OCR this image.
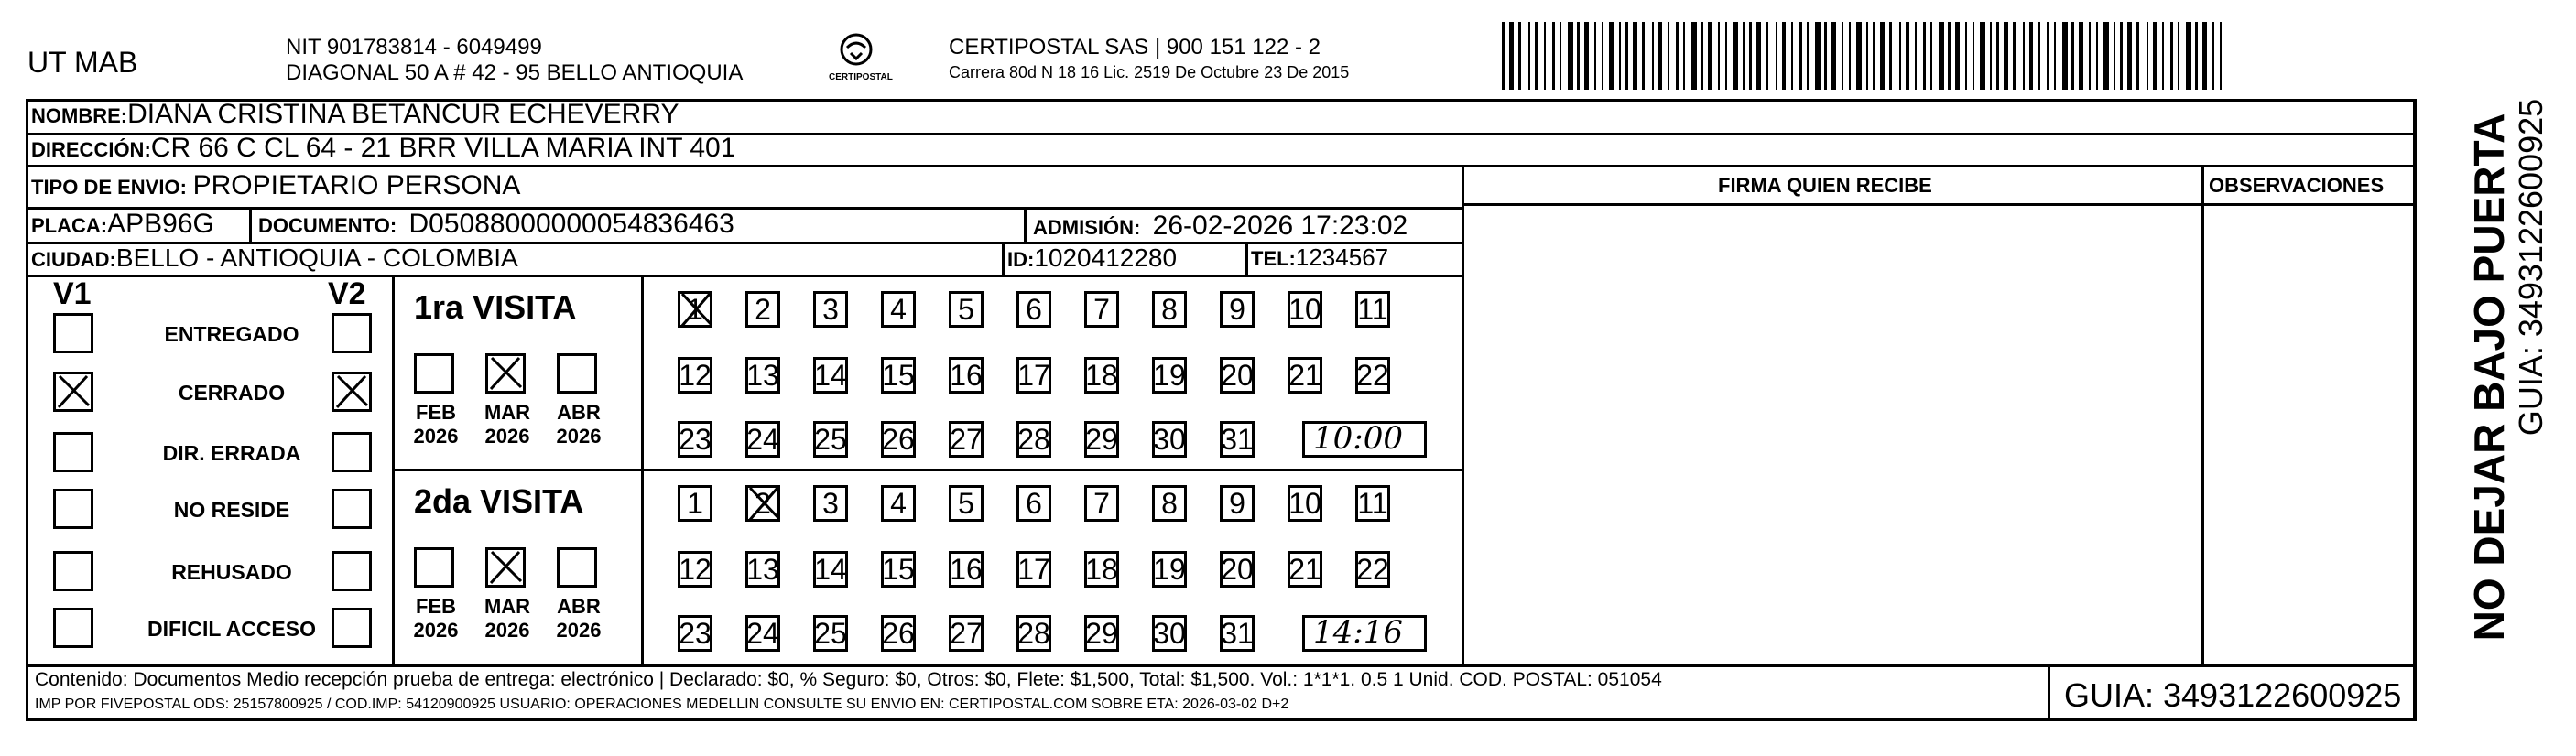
UT MAB	NIT 901783814 - 6049499
DIAGONAL 50 A # 42 - 95 BELLO ANTIOQUIA	CERTIPOSTAL
CERTIPOSTAL SAS | 900 151 122 - 2
Carrera 80d N 18 16 Lic. 2519 De Octubre 23 De 2015
NOMBRE:DIANA CRISTINA BETANCUR ECHEVERRY
DIRECCIÓN:CR 66 C CL 64 - 21 BRR VILLA MARIA INT 401
TIPO DE ENVIO: PROPIETARIO PERSONA
PLACA:APB96G DOCUMENTO: D05088000000054836463	ADMISIÓN: 26-02-2026 17:23:02
CIUDAD:BELLO - ANTIOQUIA - COLOMBIA	ID:1020412280	TEL:1234567
FIRMA QUIEN RECIBE	OBSERVACIONES
V1	V2
ENTREGADO
CERRADO
DIR. ERRADA
NO RESIDE
REHUSADO
DIFICIL ACCESO
1ra VISITA
FEB
2026
MAR
2026
ABR
2026
1 2 3 4 5 6 7 8 9 10 11
12 13 14 15 16 17 18 19 20 21 22
23 24 25 26 27 28 29 30 31 10:00
2da VISITA
FEB
2026
MAR
2026
ABR
2026
1 2 3 4 5 6 7 8 9 10 11
12 13 14 15 16 17 18 19 20 21 22
23 24 25 26 27 28 29 30 31 14:16
Contenido: Documentos Medio recepción prueba de entrega: electrónico | Declarado: $0, % Seguro: $0, Otros: $0, Flete: $1,500, Total: $1,500. Vol.: 1*1*1. 0.5 1 Unid. COD. POSTAL: 051054
IMP POR FIVEPOSTAL ODS: 25157800925 / COD.IMP: 54120900925 USUARIO: OPERACIONES MEDELLIN CONSULTE SU ENVIO EN: CERTIPOSTAL.COM SOBRE ETA: 2026-03-02 D+2	GUIA: 3493122600925
NO DEJAR BAJO PUERTA GUIA: 3493122600925
